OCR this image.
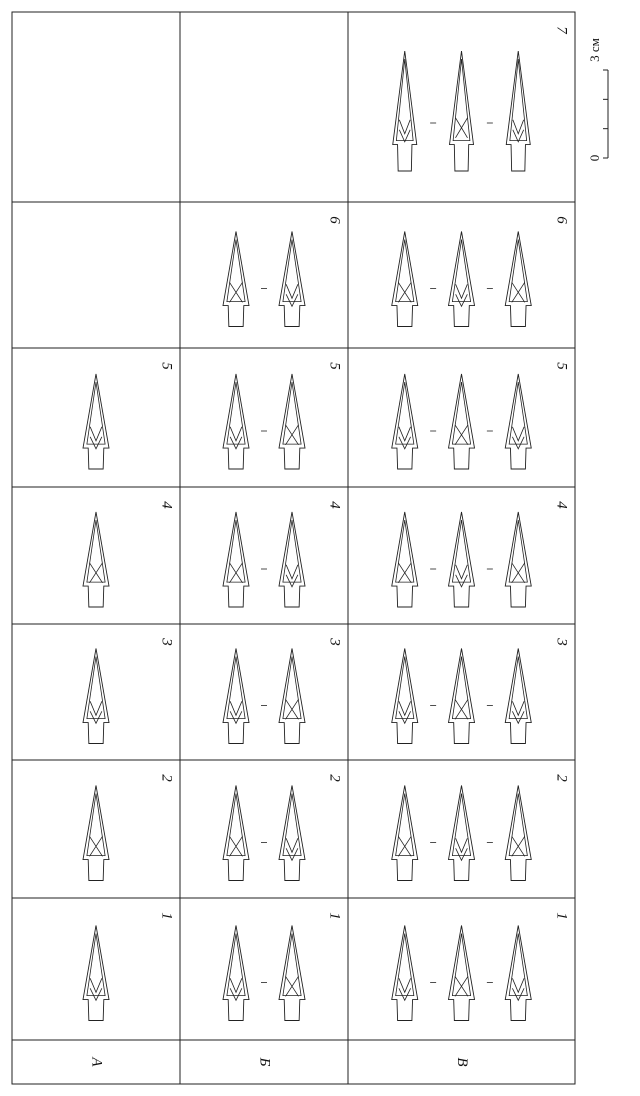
А	Б	В
1
2
3
4
5
1
2
3
4
5
6
1
2
3
4
5
6
7
0
3 см
